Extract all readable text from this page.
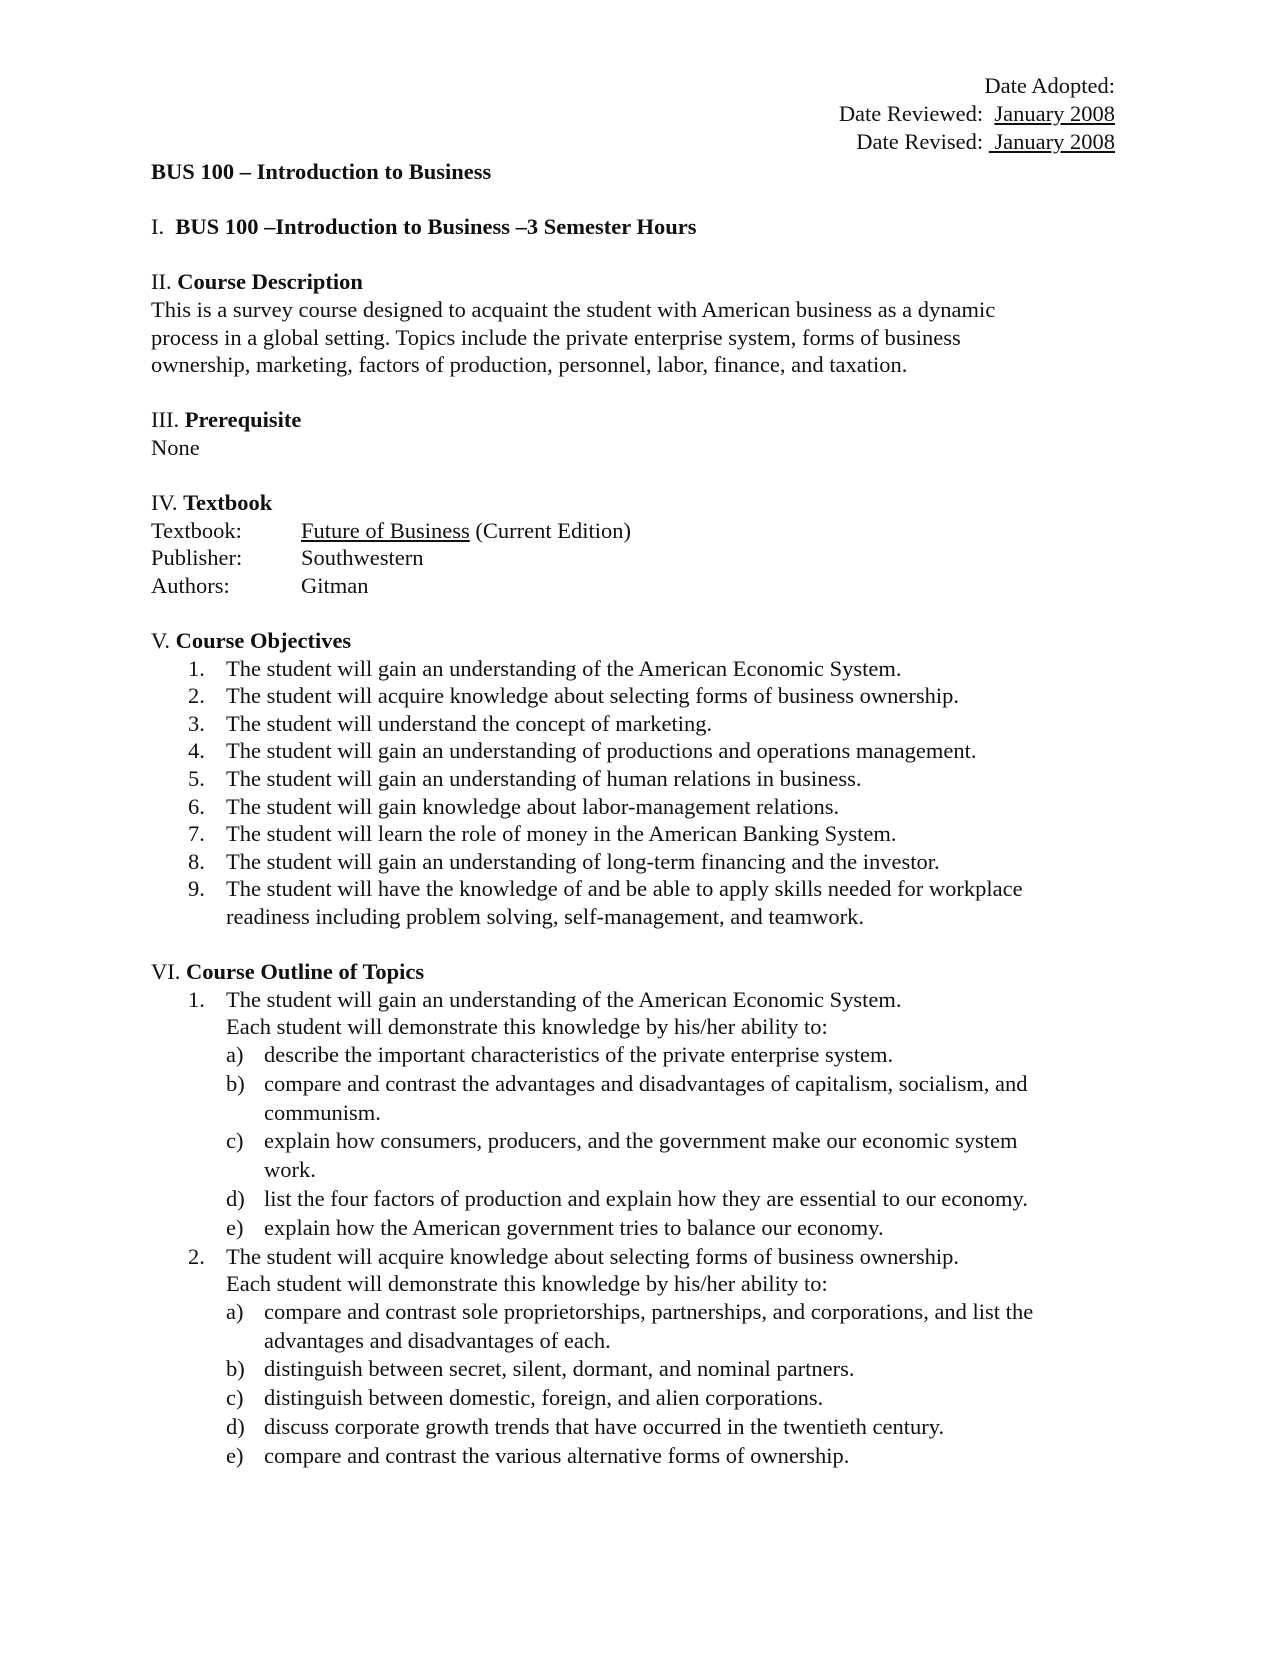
Date Adopted:
Date Reviewed: January 2008
Date Revised:  January 2008
BUS 100 – Introduction to Business
I. BUS 100 –Introduction to Business –3 Semester Hours
II. Course Description
This is a survey course designed to acquaint the student with American business as a dynamic process in a global setting. Topics include the private enterprise system, forms of business ownership, marketing, factors of production, personnel, labor, finance, and taxation.
III. Prerequisite
None
IV. Textbook
Textbook:	Future of Business (Current Edition)
Publisher:	Southwestern
Authors:	Gitman
V. Course Objectives
1. The student will gain an understanding of the American Economic System.
2. The student will acquire knowledge about selecting forms of business ownership.
3. The student will understand the concept of marketing.
4. The student will gain an understanding of productions and operations management.
5. The student will gain an understanding of human relations in business.
6. The student will gain knowledge about labor-management relations.
7. The student will learn the role of money in the American Banking System.
8. The student will gain an understanding of long-term financing and the investor.
9. The student will have the knowledge of and be able to apply skills needed for workplace readiness including problem solving, self-management, and teamwork.
VI. Course Outline of Topics
1. The student will gain an understanding of the American Economic System.
Each student will demonstrate this knowledge by his/her ability to:
a) describe the important characteristics of the private enterprise system.
b) compare and contrast the advantages and disadvantages of capitalism, socialism, and communism.
c) explain how consumers, producers, and the government make our economic system work.
d) list the four factors of production and explain how they are essential to our economy.
e) explain how the American government tries to balance our economy.
2. The student will acquire knowledge about selecting forms of business ownership.
Each student will demonstrate this knowledge by his/her ability to:
a) compare and contrast sole proprietorships, partnerships, and corporations, and list the advantages and disadvantages of each.
b) distinguish between secret, silent, dormant, and nominal partners.
c) distinguish between domestic, foreign, and alien corporations.
d) discuss corporate growth trends that have occurred in the twentieth century.
e) compare and contrast the various alternative forms of ownership.
